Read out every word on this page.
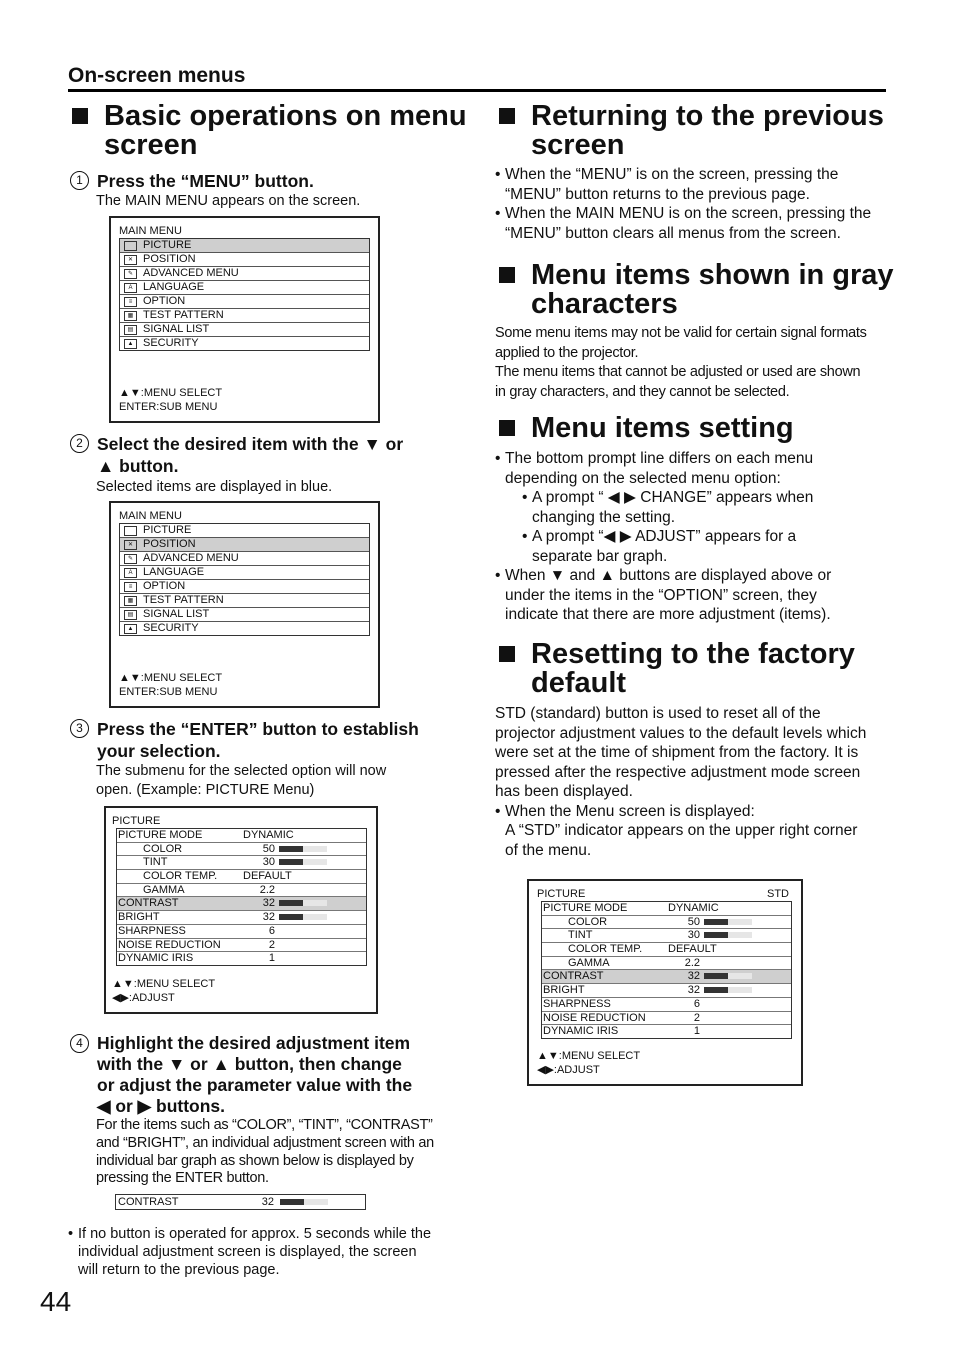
On-screen menus
Basic operations on menu
screen
1 Press the “MENU” button.
The MAIN MENU appears on the screen.
MAIN MENU
PICTURE
✕ POSITION
✎ ADVANCED MENU
A LANGUAGE
≡ OPTION
▦ TEST PATTERN
▤ SIGNAL LIST
▲ SECURITY
▲▼:MENU SELECT
ENTER:SUB MENU
2 Select the desired item with the ▼ or
▲ button.
Selected items are displayed in blue.
MAIN MENU
PICTURE
✕ POSITION
✎ ADVANCED MENU
A LANGUAGE
≡ OPTION
▦ TEST PATTERN
▤ SIGNAL LIST
▲ SECURITY
▲▼:MENU SELECT
ENTER:SUB MENU
3 Press the “ENTER” button to establish
your selection.
The submenu for the selected option will now
open. (Example: PICTURE Menu)
PICTURE
PICTURE MODE	DYNAMIC
COLOR	50
TINT	30
COLOR TEMP. DEFAULT
GAMMA	2.2
CONTRAST	32
BRIGHT	32
SHARPNESS	6
NOISE REDUCTION	2
DYNAMIC IRIS	1
▲▼:MENU SELECT
◀▶:ADJUST
4 Highlight the desired adjustment item
with the ▼ or ▲ button, then change
or adjust the parameter value with the
◀ or ▶ buttons.
For the items such as “COLOR”, “TINT”, “CONTRAST”
and “BRIGHT”, an individual adjustment screen with an
individual bar graph as shown below is displayed by
pressing the ENTER button.
CONTRAST	32
• If no button is operated for approx. 5 seconds while the
individual adjustment screen is displayed, the screen
will return to the previous page.
44
Returning to the previous
screen
• When the “MENU” is on the screen, pressing the
“MENU” button returns to the previous page.
• When the MAIN MENU is on the screen, pressing the
“MENU” button clears all menus from the screen.
Menu items shown in gray
characters
Some menu items may not be valid for certain signal formats
applied to the projector.
The menu items that cannot be adjusted or used are shown
in gray characters, and they cannot be selected.
Menu items setting
• The bottom prompt line differs on each menu
depending on the selected menu option:
• A prompt “ ◀ ▶ CHANGE” appears when
changing the setting.
• A prompt “◀ ▶ ADJUST” appears for a
separate bar graph.
• When ▼ and ▲ buttons are displayed above or
under the items in the “OPTION” screen, they
indicate that there are more adjustment (items).
Resetting to the factory
default
STD (standard) button is used to reset all of the
projector adjustment values to the default levels which
were set at the time of shipment from the factory. It is
pressed after the respective adjustment mode screen
has been displayed.
• When the Menu screen is displayed:
A “STD” indicator appears on the upper right corner
of the menu.
PICTURE	STD
PICTURE MODE	DYNAMIC
COLOR	50
TINT	30
COLOR TEMP. DEFAULT
GAMMA	2.2
CONTRAST	32
BRIGHT	32
SHARPNESS	6
NOISE REDUCTION	2
DYNAMIC IRIS	1
▲▼:MENU SELECT
◀▶:ADJUST
